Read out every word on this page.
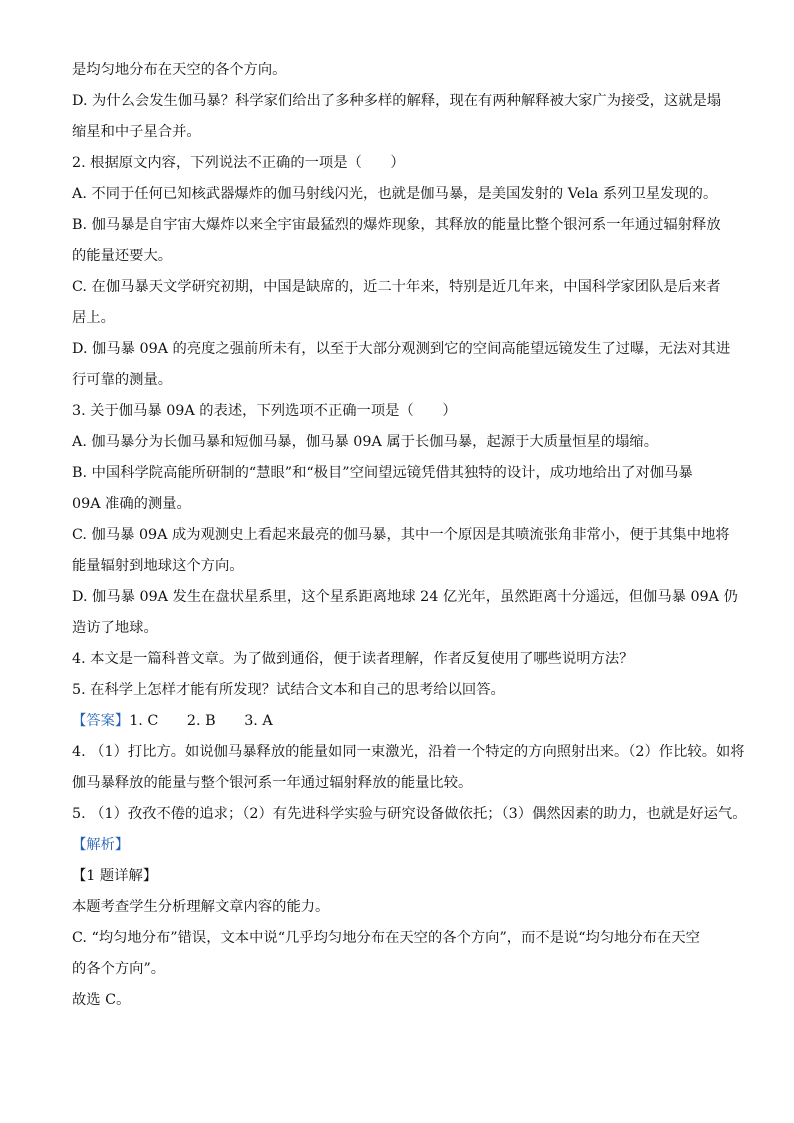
是均匀地分布在天空的各个方向。
D. 为什么会发生伽马暴？科学家们给出了多种多样的解释，现在有两种解释被大家广为接受，这就是塌
缩星和中子星合并。
2. 根据原文内容，下列说法不正确的一项是（　　）
A. 不同于任何已知核武器爆炸的伽马射线闪光，也就是伽马暴，是美国发射的 Vela 系列卫星发现的。
B. 伽马暴是自宇宙大爆炸以来全宇宙最猛烈的爆炸现象，其释放的能量比整个银河系一年通过辐射释放
的能量还要大。
C. 在伽马暴天文学研究初期，中国是缺席的，近二十年来，特别是近几年来，中国科学家团队是后来者
居上。
D. 伽马暴 09A 的亮度之强前所未有，以至于大部分观测到它的空间高能望远镜发生了过曝，无法对其进
行可靠的测量。
3. 关于伽马暴 09A 的表述，下列选项不正确一项是（　　）
A. 伽马暴分为长伽马暴和短伽马暴，伽马暴 09A 属于长伽马暴，起源于大质量恒星的塌缩。
B. 中国科学院高能所研制的“慧眼”和“极目”空间望远镜凭借其独特的设计，成功地给出了对伽马暴
09A 准确的测量。
C. 伽马暴 09A 成为观测史上看起来最亮的伽马暴，其中一个原因是其喷流张角非常小，便于其集中地将
能量辐射到地球这个方向。
D. 伽马暴 09A 发生在盘状星系里，这个星系距离地球 24 亿光年，虽然距离十分遥远，但伽马暴 09A 仍
造访了地球。
4. 本文是一篇科普文章。为了做到通俗，便于读者理解，作者反复使用了哪些说明方法？
5. 在科学上怎样才能有所发现？试结合文本和自己的思考给以回答。
【答案】1. C　　2. B　　3. A
4. （1）打比方。如说伽马暴释放的能量如同一束激光，沿着一个特定的方向照射出来。（2）作比较。如将
伽马暴释放的能量与整个银河系一年通过辐射释放的能量比较。
5. （1）孜孜不倦的追求；（2）有先进科学实验与研究设备做依托；（3）偶然因素的助力，也就是好运气。
【解析】
【1 题详解】
本题考查学生分析理解文章内容的能力。
C. “均匀地分布”错误，文本中说“几乎均匀地分布在天空的各个方向”，而不是说“均匀地分布在天空
的各个方向”。
故选 C。
